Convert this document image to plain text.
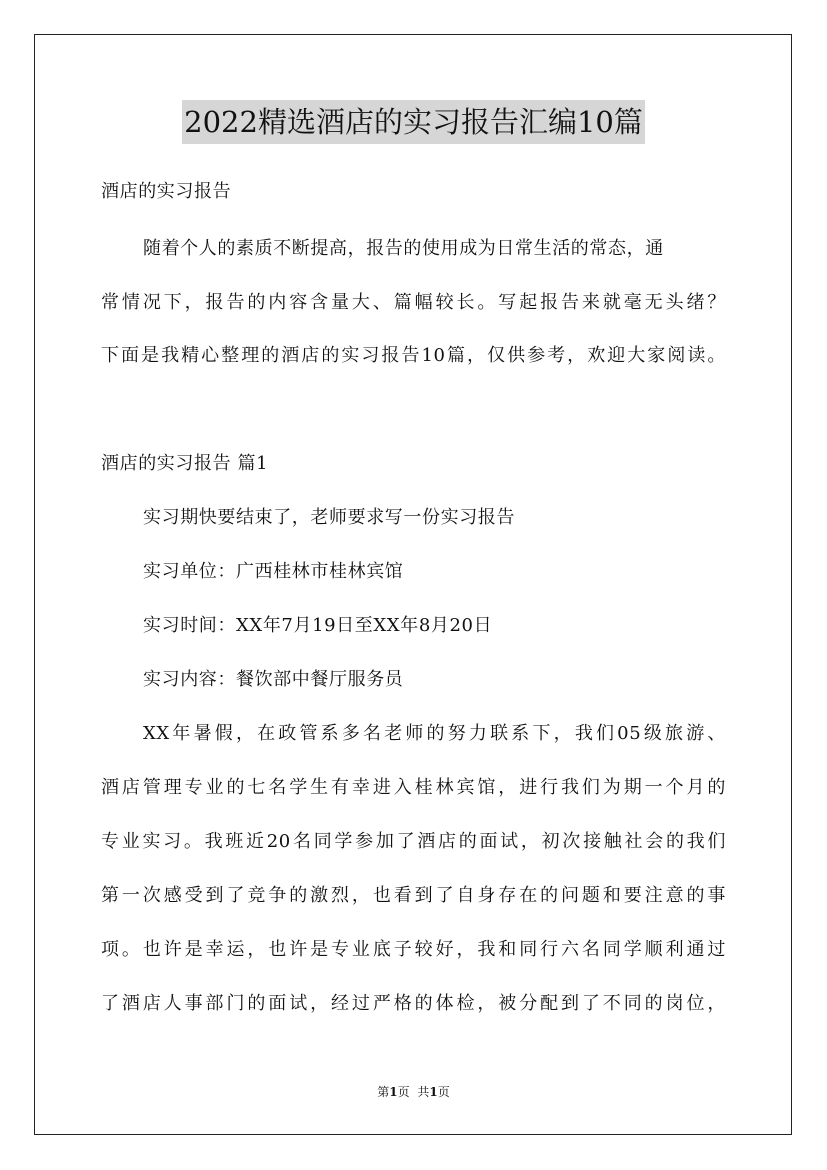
2022精选酒店的实习报告汇编10篇
酒店的实习报告
随着个人的素质不断提高，报告的使用成为日常生活的常态，通
常情况下，报告的内容含量大、篇幅较长。写起报告来就毫无头绪？
下面是我精心整理的酒店的实习报告10篇，仅供参考，欢迎大家阅读。
酒店的实习报告 篇1
实习期快要结束了，老师要求写一份实习报告
实习单位：广西桂林市桂林宾馆
实习时间：XX年7月19日至XX年8月20日
实习内容：餐饮部中餐厅服务员
XX年暑假，在政管系多名老师的努力联系下，我们05级旅游、
酒店管理专业的七名学生有幸进入桂林宾馆，进行我们为期一个月的
专业实习。我班近20名同学参加了酒店的面试，初次接触社会的我们
第一次感受到了竞争的激烈，也看到了自身存在的问题和要注意的事
项。也许是幸运，也许是专业底子较好，我和同行六名同学顺利通过
了酒店人事部门的面试，经过严格的体检，被分配到了不同的岗位，
第1页 共1页
